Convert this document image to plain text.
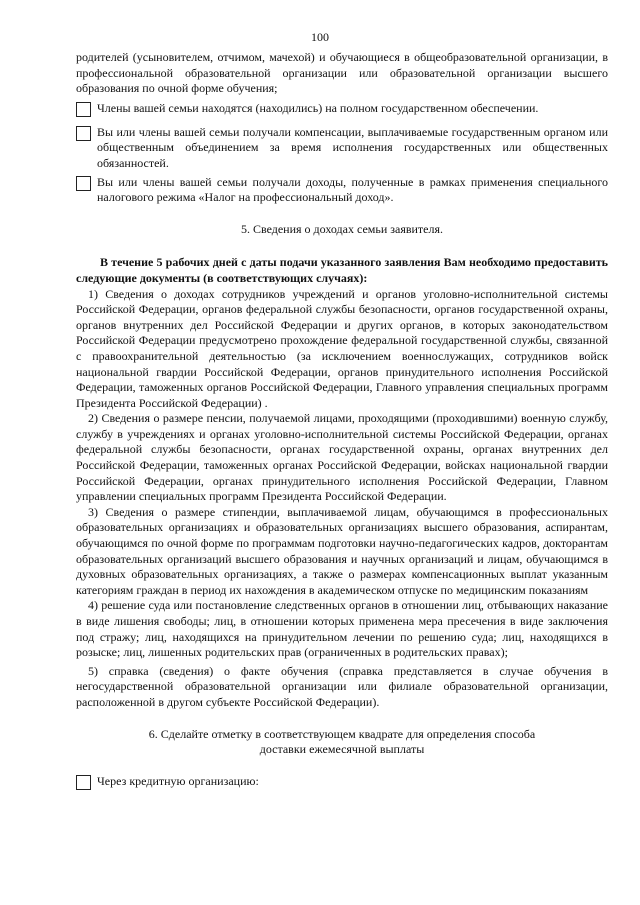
100

родителей (усыновителем, отчимом, мачехой) и обучающиеся в общеобразовательной организации, в профессиональной образовательной организации или образовательной организации высшего образования по очной форме обучения;

Члены вашей семьи находятся (находились) на полном государственном обеспечении.

Вы или члены вашей семьи получали компенсации, выплачиваемые государственным органом или общественным объединением за время исполнения государственных или общественных обязанностей.

Вы или члены вашей семьи получали доходы, полученные в рамках применения специального налогового режима «Налог на профессиональный доход».

5. Сведения о доходах семьи заявителя.

В течение 5 рабочих дней с даты подачи указанного заявления Вам необходимо предоставить следующие документы (в соответствующих случаях):

1) Сведения о доходах сотрудников учреждений и органов уголовно-исполнительной системы Российской Федерации, органов федеральной службы безопасности, органов государственной охраны, органов внутренних дел Российской Федерации и других органов, в которых законодательством Российской Федерации предусмотрено прохождение федеральной государственной службы, связанной с правоохранительной деятельностью (за исключением военнослужащих, сотрудников войск национальной гвардии Российской Федерации, органов принудительного исполнения Российской Федерации, таможенных органов Российской Федерации, Главного управления специальных программ Президента Российской Федерации) .

2) Сведения о размере пенсии, получаемой лицами, проходящими (проходившими) военную службу, службу в учреждениях и органах уголовно-исполнительной системы Российской Федерации, органах федеральной службы безопасности, органах государственной охраны, органах внутренних дел Российской Федерации, таможенных органах Российской Федерации, войсках национальной гвардии Российской Федерации, органах принудительного исполнения Российской Федерации, Главном управлении специальных программ Президента Российской Федерации.

3) Сведения о размере стипендии, выплачиваемой лицам, обучающимся в профессиональных образовательных организациях и образовательных организациях высшего образования, аспирантам, обучающимся по очной форме по программам подготовки научно-педагогических кадров, докторантам образовательных организаций высшего образования и научных организаций и лицам, обучающимся в духовных образовательных организациях, а также о размерах компенсационных выплат указанным категориям граждан в период их нахождения в академическом отпуске по медицинским показаниям

4) решение суда или постановление следственных органов в отношении лиц, отбывающих наказание в виде лишения свободы; лиц, в отношении которых применена мера пресечения в виде заключения под стражу; лиц, находящихся на принудительном лечении по решению суда; лиц, находящихся в розыске; лиц, лишенных родительских прав (ограниченных в родительских правах);

5) справка (сведения) о факте обучения (справка представляется в случае обучения в негосударственной образовательной организации или филиале образовательной организации, расположенной в другом субъекте Российской Федерации).

6. Сделайте отметку в соответствующем квадрате для определения способа доставки ежемесячной выплаты

Через кредитную организацию:
